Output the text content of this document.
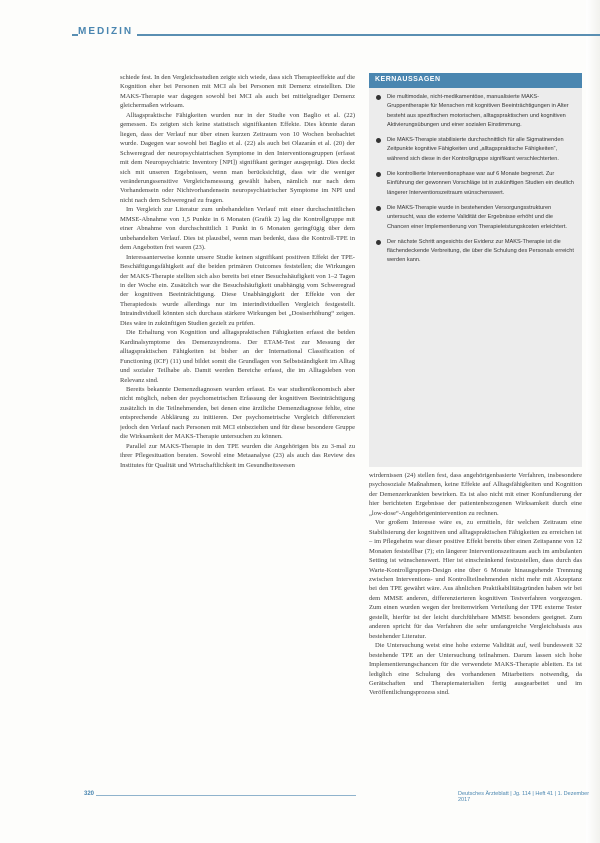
MEDIZIN

schiede fest. In den Vergleichsstudien zeigte sich wiede, dass sich Therapieeffekte auf die Kognition eher bei Personen mit MCI als bei Personen mit Demenz einstellten. Die MAKS-Therapie war dagegen sowohl bei MCI als auch bei mittelgradiger Demenz gleichermaßen wirksam.

Alltagspraktische Fähigkeiten wurden nur in der Studie von Baglio et al. (22) gemessen. Es zeigten sich keine statistisch signifikanten Effekte. Dies könnte daran liegen, dass der Verlauf nur über einen kurzen Zeitraum von 10 Wochen beobachtet wurde. Dagegen war sowohl bei Baglio et al. (22) als auch bei Olazarán et al. (20) der Schweregrad der neuropsychiatrischen Symptome in den Interventionsgruppen (erfasst mit dem Neuropsychiatric Inventory [NPI]) signifikant geringer ausgeprägt. Dies deckt sich mit unseren Ergebnissen, wenn man berücksichtigt, dass wir die weniger veränderungssensitive Vergleichsmessung gewählt haben, nämlich nur nach dem Vorhandensein oder Nichtvorhandensein neuropsychiatrischer Symptome im NPI und nicht nach dem Schweregrad zu fragen.

Im Vergleich zur Literatur zum unbehandelten Verlauf mit einer durchschnittlichen MMSE-Abnahme von 1,5 Punkte in 6 Monaten (Grafik 2) lag die Kontrollgruppe mit einer Abnahme von durchschnittlich 1 Punkt in 6 Monaten geringfügig über dem unbehandelten Verlauf. Dies ist plausibel, wenn man bedenkt, dass die Kontroll-TPE in dem Angebotten frei waren (23).

Interessanterweise konnte unsere Studie keinen signifikant positiven Effekt der TPE-Beschäftigungsfähigkeit auf die beiden primären Outcomes feststellen; die Wirkungen der MAKS-Therapie stellten sich also bereits bei einer Besuchshäufigkeit von 1–2 Tagen in der Woche ein. Zusätzlich war die Besuchshäufigkeit unabhängig vom Schweregrad der kognitiven Beeinträchtigung. Diese Unabhängigkeit der Effekte von der Therapiedosis wurde allerdings nur im interindividuellen Vergleich festgestellt. Intraindividuell könnten sich durchaus stärkere Wirkungen bei „Dosiserhöhung“ zeigen. Dies wäre in zukünftigen Studien gezielt zu prüfen.

Die Erhaltung von Kognition und alltagspraktischen Fähigkeiten erfasst die beiden Kardinalsymptome des Demenzsyndroms. Der ETAM-Test zur Messung der alltagspraktischen Fähigkeiten ist bisher an der International Classification of Functioning (ICF) (11) und bildet somit die Grundlagen von Selbstständigkeit im Alltag und sozialer Teilhabe ab. Damit werden Bereiche erfasst, die im Alltagsleben von Relevanz sind.

Bereits bekannte Demenzdiagnosen wurden erfasst. Es war studienökonomisch aber nicht möglich, neben der psychometrischen Erfassung der kognitiven Beeinträchtigung zusätzlich in die Teilnehmenden, bei denen eine ärztliche Demenzdiagnose fehlte, eine entsprechende Abklärung zu initiieren. Der psychometrische Vergleich differenziert jedoch den Verlauf nach Personen mit MCI einbeziehen und für diese besondere Gruppe die Wirksamkeit der MAKS-Therapie untersuchen zu können.

Parallel zur MAKS-Therapie in den TPE wurden die Angehörigen bis zu 3-mal zu ihrer Pflegesituation beraten. Sowohl eine Metaanalyse (23) als auch das Review des Institutes für Qualität und Wirtschaftlichkeit im Gesundheitswesen

KERNAUSSAGEN
Die multimodale, nicht-medikamentöse, manualisierte MAKS-Gruppentherapie für Menschen mit kognitiven Beeinträchtigungen in Alter besteht aus spezifischen motorischen, alltagspraktischen und kognitiven Aktivierungsübungen und einer sozialen Einstimmung.
Die MAKS-Therapie stabilisierte durchschnittlich für alle Sigmatinenden Zeitpunkte kognitive Fähigkeiten und „alltagspraktische Fähigkeiten“, während sich diese in der Kontrollgruppe signifikant verschlechterten.
Die kontrollierte Interventionsphase war auf 6 Monate begrenzt. Zur Einführung der gewonnen Vorschläge ist in zukünftigen Studien ein deutlich längerer Interventionszeitraum wünschenswert.
Die MAKS-Therapie wurde in bestehenden Versorgungsstrukturen untersucht, was die externe Validität der Ergebnisse erhöht und die Chancen einer Implementierung von Therapieleistungskosten erleichtert.
Der nächste Schritt angesichts der Evidenz zur MAKS-Therapie ist die flächendeckende Verbreitung, die über die Schulung des Personals erreicht werden kann.

wirdernissen (24) stellen fest, dass angehörigenbasierte Verfahren, insbesondere psychosoziale Maßnahmen, keine Effekte auf Alltagsfähigkeiten und Kognition der Demenzerkrankten bewirken. Es ist also nicht mit einer Konfundierung der hier berichteten Ergebnisse der patientenbezogenen Wirksamkeit durch eine „low-dose“-Angehörigenintervention zu rechnen.

Vor großem Interesse wäre es, zu ermitteln, für welchen Zeitraum eine Stabilisierung der kognitiven und alltagspraktischen Fähigkeiten zu erreichen ist – im Pflegeheim war dieser positive Effekt bereits über einen Zeitspanne von 12 Monaten feststellbar (7); ein längerer Interventionszeitraum auch im ambulanten Setting ist wünschenswert. Hier ist einschränkend festzustellen, dass durch das Warte-Kontrollgruppen-Design eine über 6 Monate hinausgehende Trennung zwischen Interventions- und Kontrollteilnehmenden nicht mehr mit Akzeptanz bei den TPE gewährt wäre. Aus ähnlichen Praktikabilitätsgründen haben wir bei dem MMSE anderen, differenzierteren kognitiven Testverfahren vorgezogen. Zum einen wurden wegen der breitenwirken Verteilung der TPE externe Tester gestellt, hierfür ist der leicht durchführbare MMSE besonders geeignet. Zum anderen spricht für das Verfahren die sehr umfangreiche Vergleichsbasis aus bestehender Literatur.

Die Untersuchung weist eine hohe externe Validität auf, weil bundesweit 32 bestehende TPE an der Untersuchung teilnahmen. Darum lassen sich hohe Implementierungschancen für die verwendete MAKS-Therapie ableiten. Es ist lediglich eine Schulung des vorhandenen Mitarbeiters notwendig, da Gerätschaften und Therapiematerialien fertig ausgearbeitet und im Veröffentlichungsprozess sind.

320	Deutsches Ärzteblatt | Jg. 114 | Heft 41 | 1. Dezember 2017
